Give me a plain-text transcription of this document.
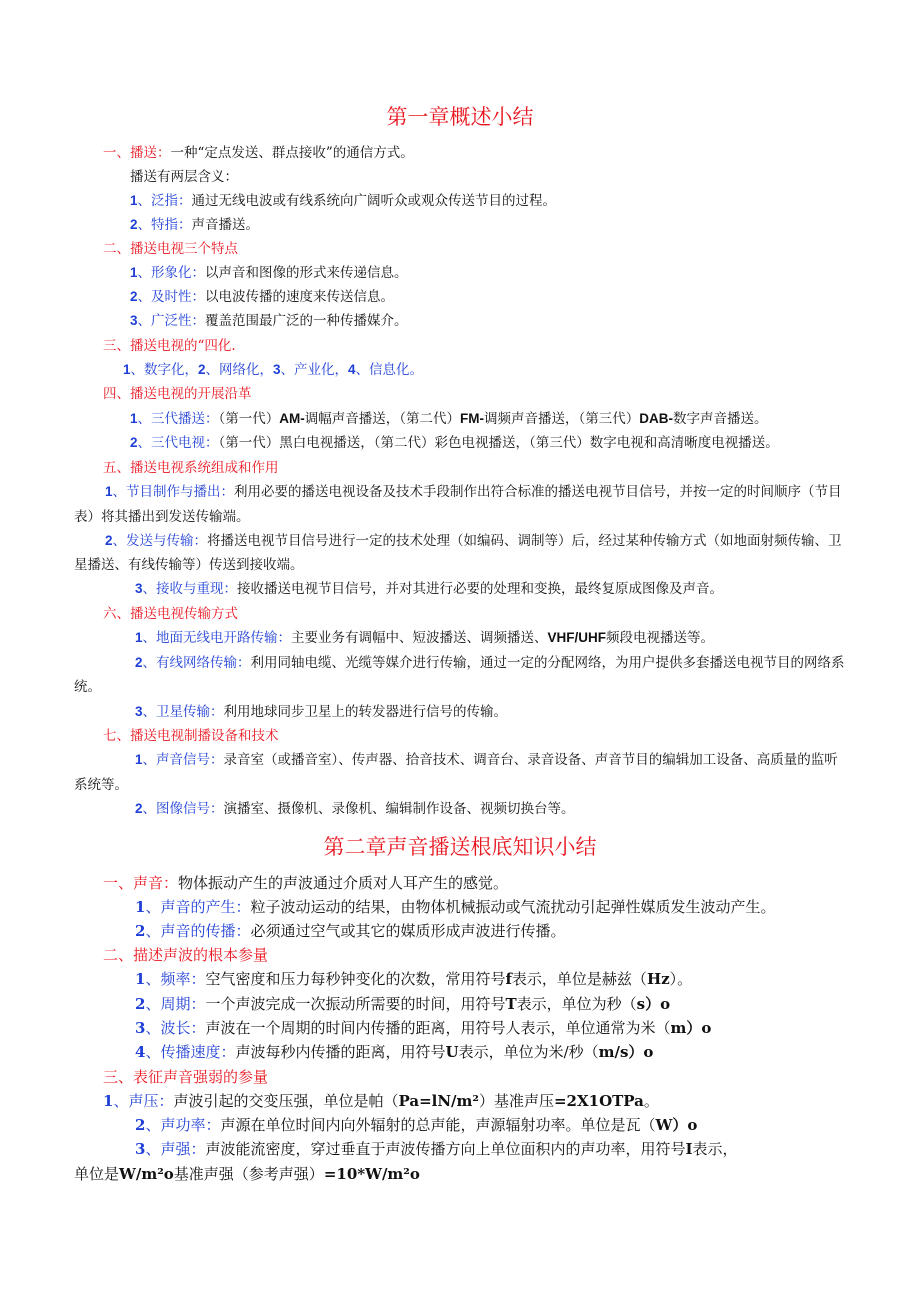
第一章概述小结
一、播送：一种“定点发送、群点接收”的通信方式。
播送有两层含义：
1、泛指：通过无线电波或有线系统向广阔听众或观众传送节目的过程。
2、特指：声音播送。
二、播送电视三个特点
1、形象化：以声音和图像的形式来传递信息。
2、及时性：以电波传播的速度来传送信息。
3、广泛性：覆盖范围最广泛的一种传播媒介。
三、播送电视的“四化.
1、数字化，2、网络化，3、产业化，4、信息化。
四、播送电视的开展沿革
1、三代播送：（第一代）AM-调幅声音播送，（第二代）FM-调频声音播送，（第三代）DAB-数字声音播送。
2、三代电视：（第一代）黑白电视播送，（第二代）彩色电视播送，（第三代）数字电视和高清晰度电视播送。
五、播送电视系统组成和作用
1、节目制作与播出：利用必要的播送电视设备及技术手段制作出符合标准的播送电视节目信号，并按一定的时间顺序（节目
表）将其播出到发送传输端。
2、发送与传输：将播送电视节目信号进行一定的技术处理（如编码、调制等）后，经过某种传输方式（如地面射频传输、卫
星播送、有线传输等）传送到接收端。
3、接收与重现：接收播送电视节目信号，并对其进行必要的处理和变换，最终复原成图像及声音。
六、播送电视传输方式
1、地面无线电开路传输：主要业务有调幅中、短波播送、调频播送、VHF/UHF频段电视播送等。
2、有线网络传输：利用同轴电缆、光缆等媒介进行传输，通过一定的分配网络，为用户提供多套播送电视节目的网络系
统。
3、卫星传输：利用地球同步卫星上的转发器进行信号的传输。
七、播送电视制播设备和技术
1、声音信号：录音室（或播音室）、传声器、拾音技术、调音台、录音设备、声音节目的编辑加工设备、高质量的监听
系统等。
2、图像信号：演播室、摄像机、录像机、编辑制作设备、视频切换台等。
第二章声音播送根底知识小结
一、声音：物体振动产生的声波通过介质对人耳产生的感觉。
1、声音的产生：粒子波动运动的结果，由物体机械振动或气流扰动引起弹性媒质发生波动产生。
2、声音的传播：必须通过空气或其它的媒质形成声波进行传播。
二、描述声波的根本参量
1、频率：空气密度和压力每秒钟变化的次数，常用符号f表示，单位是赫兹（Hz）。
2、周期：一个声波完成一次振动所需要的时间，用符号T表示，单位为秒（s）o
3、波长：声波在一个周期的时间内传播的距离，用符号人表示，单位通常为米（m）o
4、传播速度：声波每秒内传播的距离，用符号U表示，单位为米/秒（m/s）o
三、表征声音强弱的参量
1、声压：声波引起的交变压强，单位是帕（Pa=lN/m²）基准声压=2X1OTPa。
2、声功率：声源在单位时间内向外辐射的总声能，声源辐射功率。单位是瓦（W）o
3、声强：声波能流密度，穿过垂直于声波传播方向上单位面积内的声功率，用符号I表示，
单位是W/m²o基准声强（参考声强）=10*W/m²o
